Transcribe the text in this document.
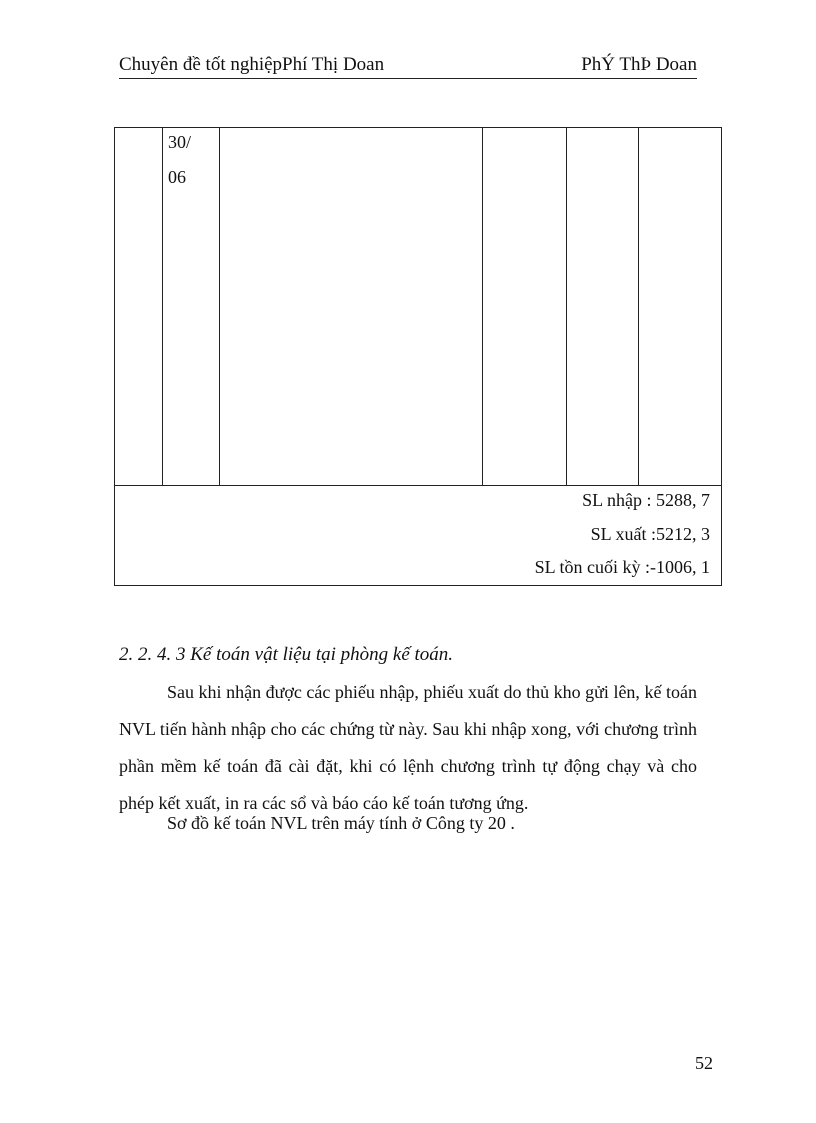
Chuyên đề tốt nghiệpPhí Thị Doan	PhÝ ThÞ Doan
30/
06
SL nhập : 5288, 7
SL xuất :5212, 3
SL tồn cuối kỳ :-1006, 1
2. 2. 4. 3 Kế toán vật liệu tại phòng kế toán.

Sau khi nhận được các phiếu nhập, phiếu xuất do thủ kho gửi lên, kế toán NVL tiến hành nhập cho các chứng từ này. Sau khi nhập xong, với chương trình phần mềm kế toán đã cài đặt, khi có lệnh chương trình tự động chạy và cho phép kết xuất, in ra các sổ và báo cáo kế toán tương ứng.

Sơ đồ kế toán NVL trên máy tính ở Công ty 20 .
52
